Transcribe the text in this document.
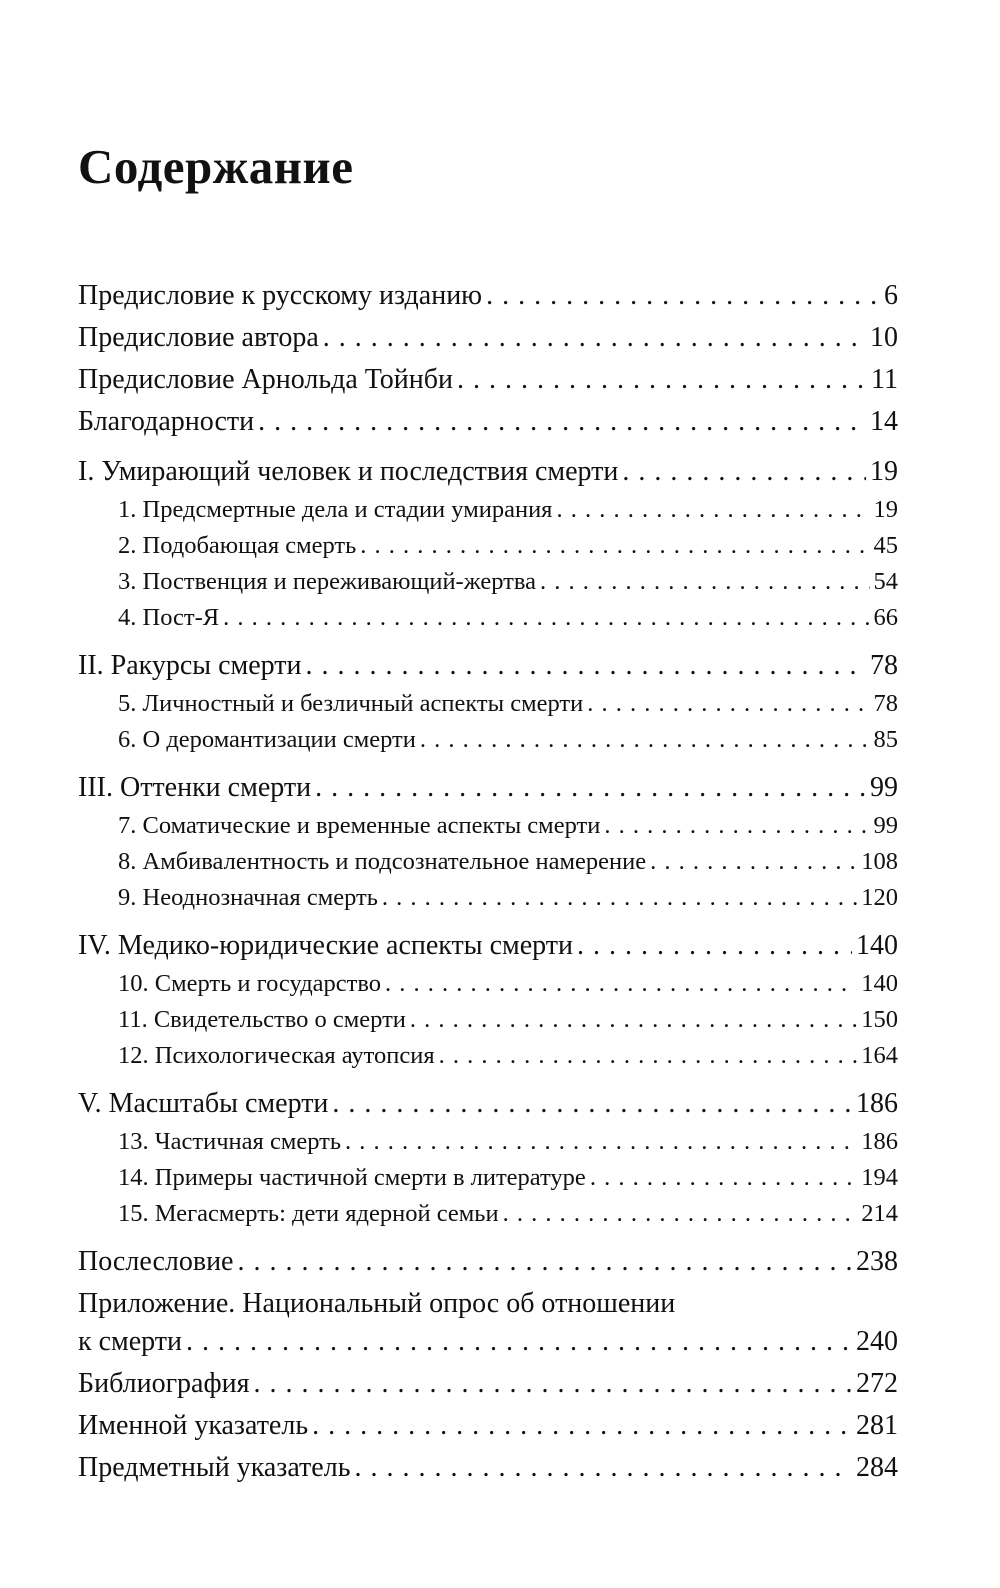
Содержание
Предисловие к русскому изданию . . .	6
Предисловие автора . . .	10
Предисловие Арнольда Тойнби . . .	11
Благодарности . . .	14
I. Умирающий человек и последствия смерти . . .	19
1. Предсмертные дела и стадии умирания . . .	19
2. Подобающая смерть . . .	45
3. Поственция и переживающий-жертва . . .	54
4. Пост-Я . . .	66
II. Ракурсы смерти . . .	78
5. Личностный и безличный аспекты смерти . . .	78
6. О деромантизации смерти . . .	85
III. Оттенки смерти . . .	99
7. Соматические и временные аспекты смерти . . .	99
8. Амбивалентность и подсознательное намерение . . .	108
9. Неоднозначная смерть . . .	120
IV. Медико-юридические аспекты смерти . . .	140
10. Смерть и государство . . .	140
11. Свидетельство о смерти . . .	150
12. Психологическая аутопсия . . .	164
V. Масштабы смерти . . .	186
13. Частичная смерть . . .	186
14. Примеры частичной смерти в литературе . . .	194
15. Мегасмерть: дети ядерной семьи . . .	214
Послесловие . . .	238
Приложение. Национальный опрос об отношении
к смерти . . .	240
Библиография . . .	272
Именной указатель . . .	281
Предметный указатель . . .	284
